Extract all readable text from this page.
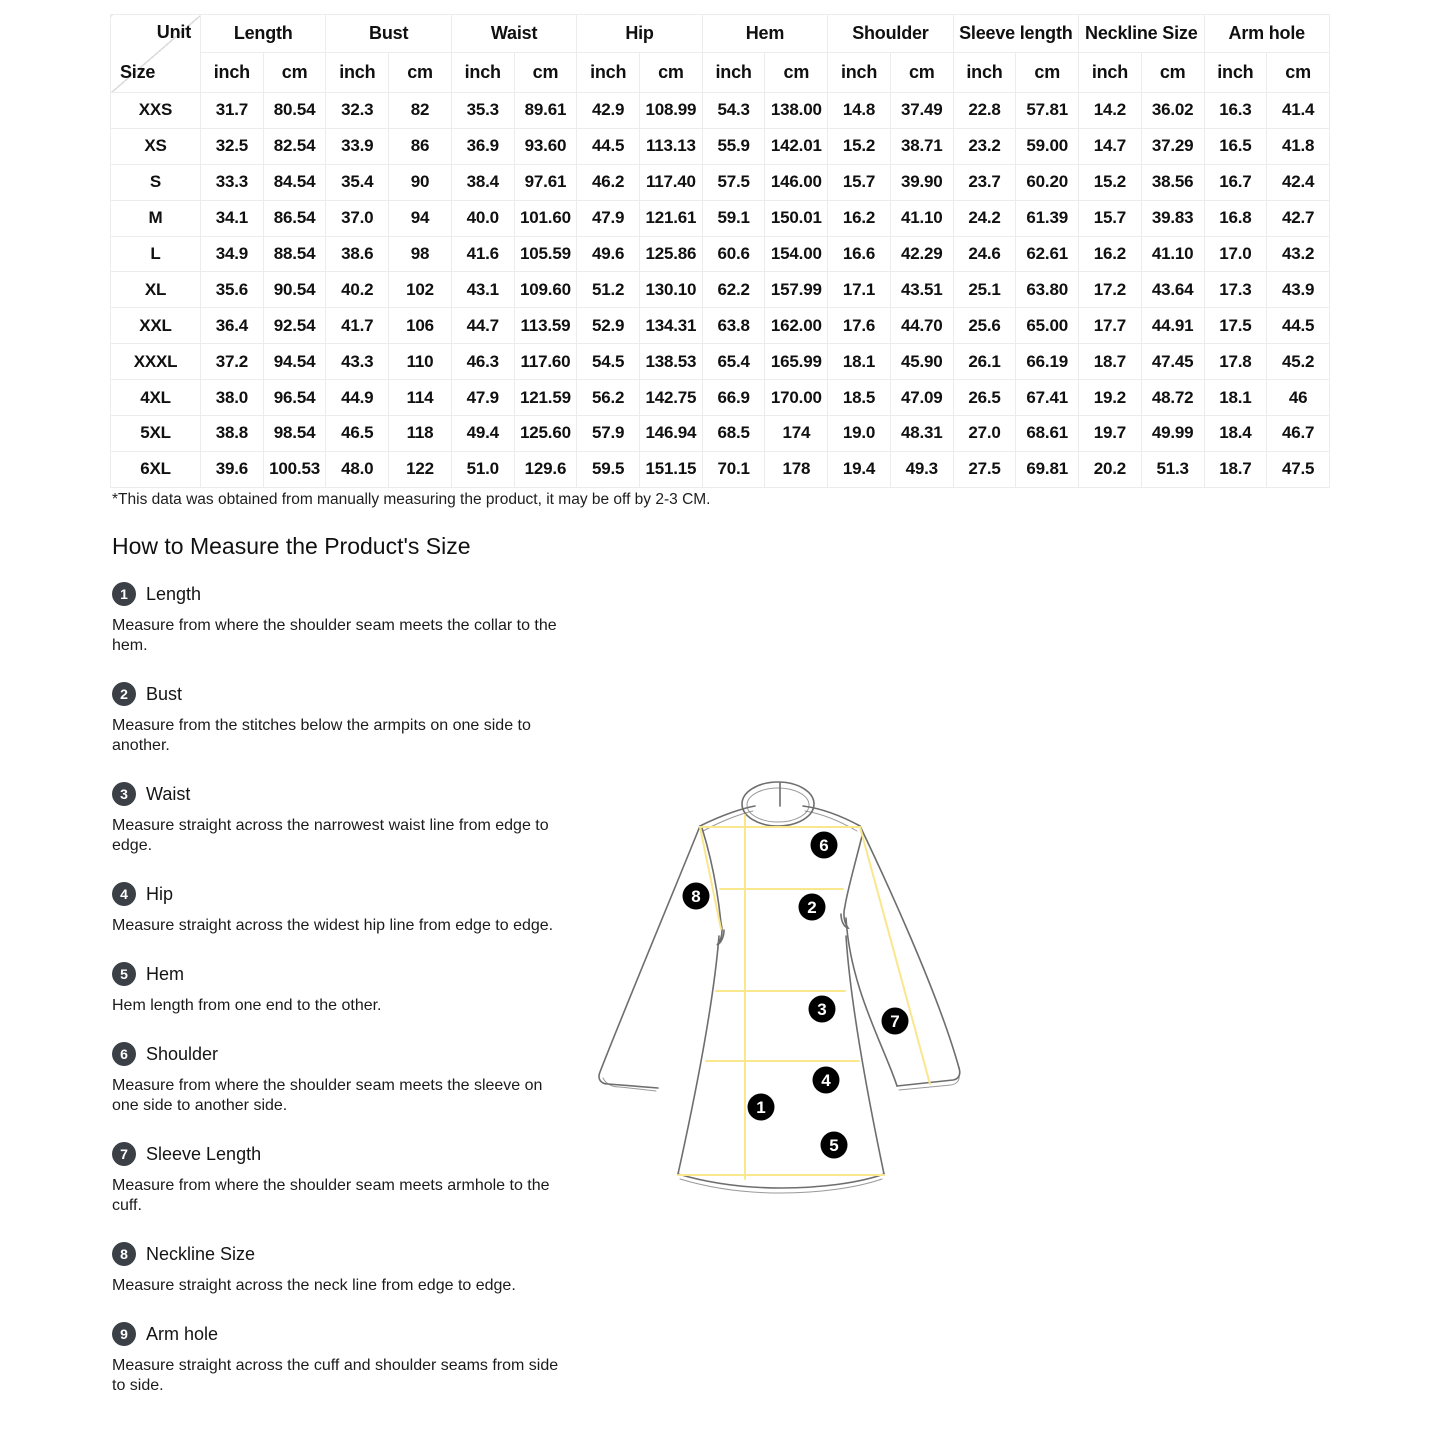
Unit
Size	Length		Bust		Waist		Hip		Hem		Shoulder		Sleeve length		Neckline Size		Arm hole	
	inch	cm	inch	cm	inch	cm	inch	cm	inch	cm	inch	cm	inch	cm	inch	cm	inch	cm
XXS	31.7	80.54	32.3	82	35.3	89.61	42.9	108.99	54.3	138.00	14.8	37.49	22.8	57.81	14.2	36.02	16.3	41.4
XS	32.5	82.54	33.9	86	36.9	93.60	44.5	113.13	55.9	142.01	15.2	38.71	23.2	59.00	14.7	37.29	16.5	41.8
S	33.3	84.54	35.4	90	38.4	97.61	46.2	117.40	57.5	146.00	15.7	39.90	23.7	60.20	15.2	38.56	16.7	42.4
M	34.1	86.54	37.0	94	40.0	101.60	47.9	121.61	59.1	150.01	16.2	41.10	24.2	61.39	15.7	39.83	16.8	42.7
L	34.9	88.54	38.6	98	41.6	105.59	49.6	125.86	60.6	154.00	16.6	42.29	24.6	62.61	16.2	41.10	17.0	43.2
XL	35.6	90.54	40.2	102	43.1	109.60	51.2	130.10	62.2	157.99	17.1	43.51	25.1	63.80	17.2	43.64	17.3	43.9
XXL	36.4	92.54	41.7	106	44.7	113.59	52.9	134.31	63.8	162.00	17.6	44.70	25.6	65.00	17.7	44.91	17.5	44.5
XXXL	37.2	94.54	43.3	110	46.3	117.60	54.5	138.53	65.4	165.99	18.1	45.90	26.1	66.19	18.7	47.45	17.8	45.2
4XL	38.0	96.54	44.9	114	47.9	121.59	56.2	142.75	66.9	170.00	18.5	47.09	26.5	67.41	19.2	48.72	18.1	46
5XL	38.8	98.54	46.5	118	49.4	125.60	57.9	146.94	68.5	174	19.0	48.31	27.0	68.61	19.7	49.99	18.4	46.7
6XL	39.6	100.53	48.0	122	51.0	129.6	59.5	151.15	70.1	178	19.4	49.3	27.5	69.81	20.2	51.3	18.7	47.5

*This data was obtained from manually measuring the product, it may be off by 2-3 CM.

How to Measure the Product's Size
1	Length

Measure from where the shoulder seam meets the collar to the hem.

2	Bust

Measure from the stitches below the armpits on one side to another.

3	Waist

Measure straight across the narrowest waist line from edge to edge.

4	Hip

Measure straight across the widest hip line from edge to edge.

5	Hem

Hem length from one end to the other.

6	Shoulder

Measure from where the shoulder seam meets the sleeve on one side to another side.

7	Sleeve Length

Measure from where the shoulder seam meets armhole to the cuff.

8	Neckline Size

Measure straight across the neck line from edge to edge.

9	Arm hole

Measure straight across the cuff and shoulder seams from side to side.

1
2
3
4
5
6
7
8
